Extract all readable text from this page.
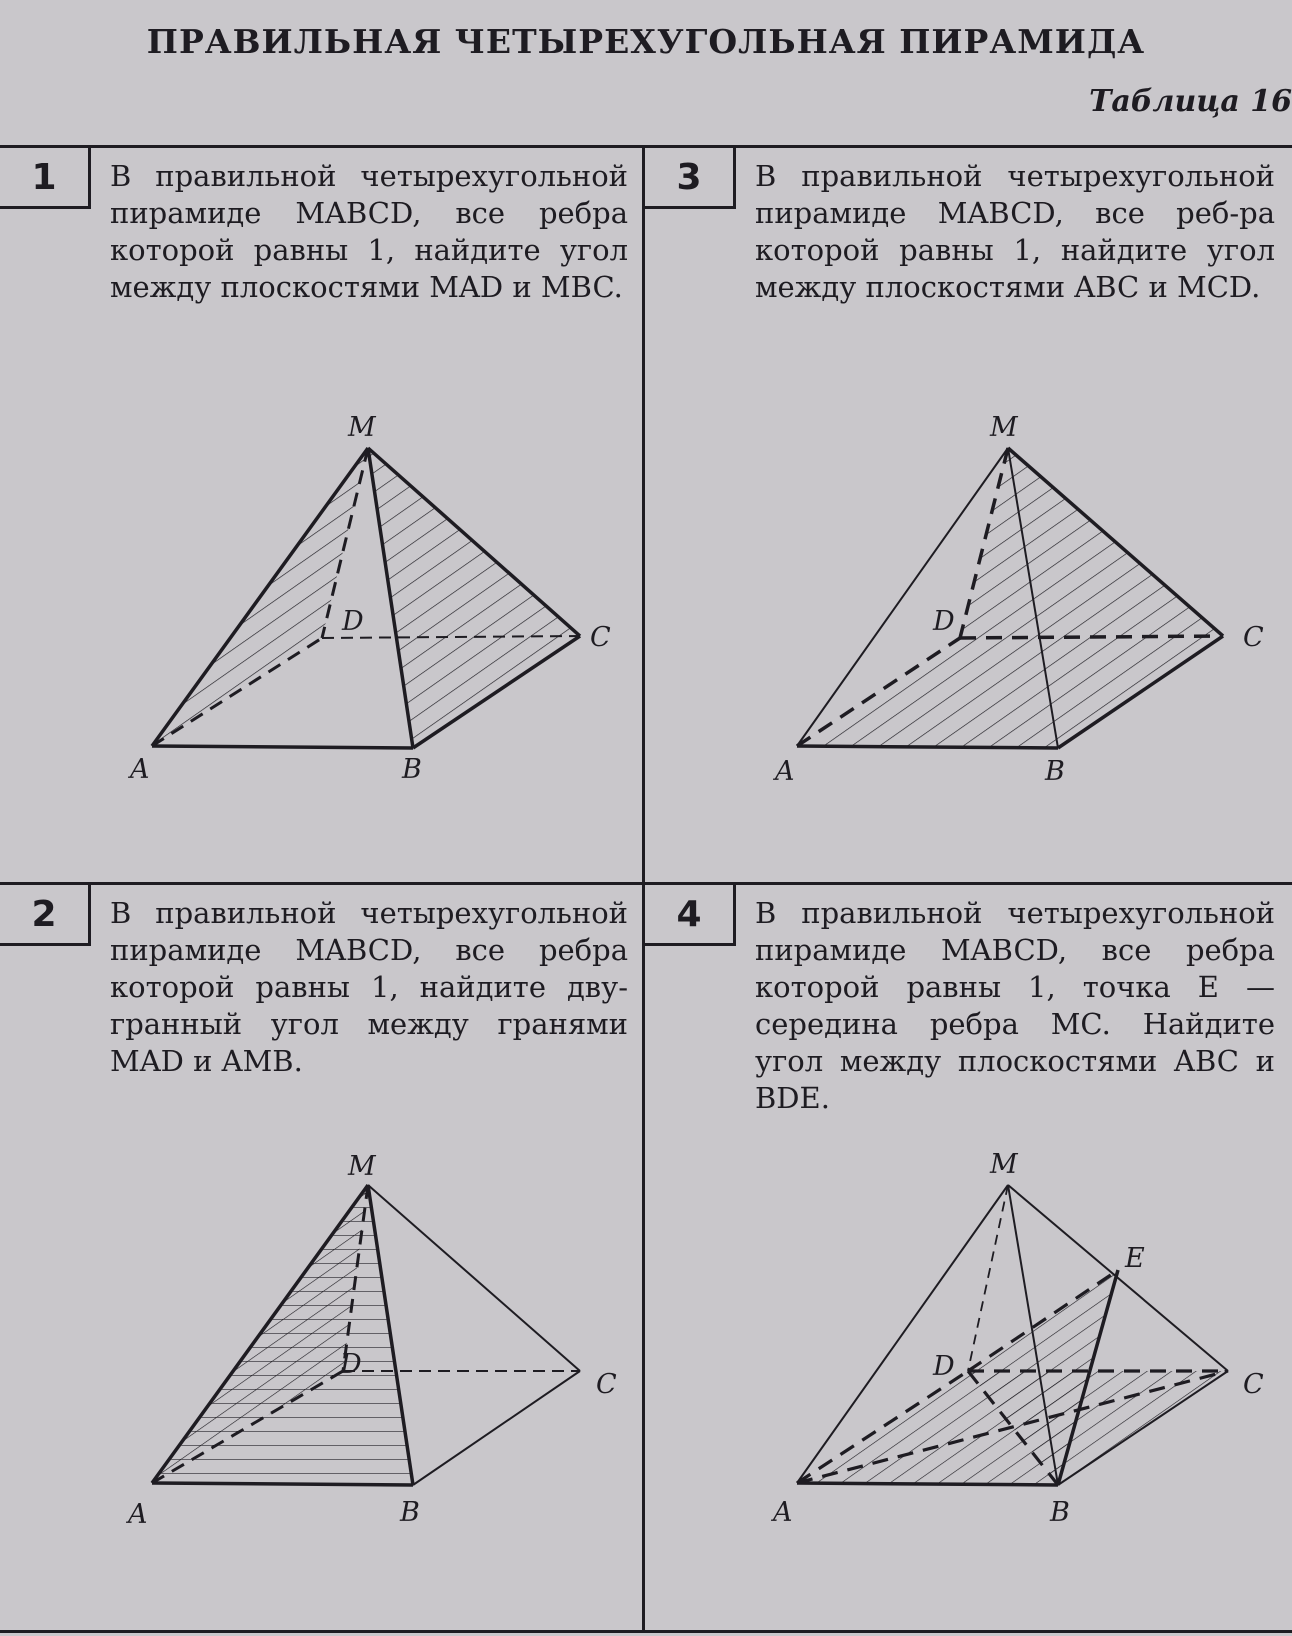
ПРАВИЛЬНАЯ ЧЕТЫРЕХУГОЛЬНАЯ ПИРАМИДА
Таблица 16
1	В правильной четырехугольной пирамиде MABCD, все ребра которой равны 1, найдите угол между плоскостями MAD и MBC.
M
A	B
C
D
3	В правильной четырехугольной пирамиде MABCD, все реб-ра которой равны 1, найдите угол между плоскостями ABC и MCD.
M
A	B
C
D
2	В правильной четырехугольной пирамиде MABCD, все ребра которой равны 1, найдите дву-гранный угол между гранями MAD и AMB.
M
A	B
C
D
4	В правильной четырехугольной пирамиде MABCD, все ребра которой равны 1, точка E — середина ребра MC. Найдите угол между плоскостями ABC и BDE.
M
A	B
C
D
E
